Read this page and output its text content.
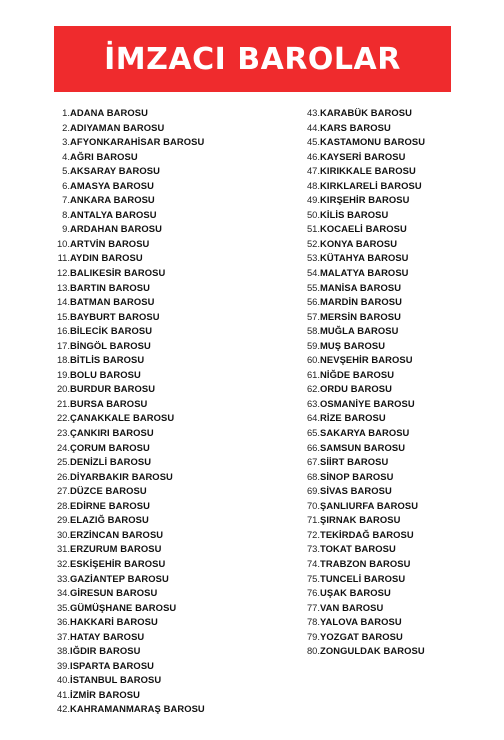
İMZACI BAROLAR
1. ADANA BAROSU
2. ADIYAMAN BAROSU
3. AFYONKARAHİSAR BAROSU
4. AĞRI BAROSU
5. AKSARAY BAROSU
6. AMASYA BAROSU
7. ANKARA BAROSU
8. ANTALYA BAROSU
9. ARDAHAN BAROSU
10. ARTVİN BAROSU
11. AYDIN BAROSU
12. BALIKESİR BAROSU
13. BARTIN BAROSU
14. BATMAN BAROSU
15. BAYBURT BAROSU
16. BİLECİK BAROSU
17. BİNGÖL BAROSU
18. BİTLİS BAROSU
19. BOLU BAROSU
20. BURDUR BAROSU
21. BURSA BAROSU
22. ÇANAKKALE BAROSU
23. ÇANKIRI BAROSU
24. ÇORUM BAROSU
25. DENİZLİ BAROSU
26. DİYARBAKIR BAROSU
27. DÜZCE BAROSU
28. EDİRNE BAROSU
29. ELAZIĞ BAROSU
30. ERZİNCAN BAROSU
31. ERZURUM BAROSU
32. ESKİŞEHİR BAROSU
33. GAZİANTEP BAROSU
34. GİRESUN BAROSU
35. GÜMÜŞHANE BAROSU
36. HAKKARİ BAROSU
37. HATAY BAROSU
38. IĞDIR BAROSU
39. ISPARTA BAROSU
40. İSTANBUL BAROSU
41. İZMİR BAROSU
42. KAHRAMANMARAŞ BAROSU
43. KARABÜK BAROSU
44. KARS BAROSU
45. KASTAMONU BAROSU
46. KAYSERİ BAROSU
47. KIRIKKALE BAROSU
48. KIRKLARELİ BAROSU
49. KIRŞEHİR BAROSU
50. KİLİS BAROSU
51. KOCAELİ BAROSU
52. KONYA BAROSU
53. KÜTAHYA BAROSU
54. MALATYA BAROSU
55. MANİSA BAROSU
56. MARDİN BAROSU
57. MERSİN BAROSU
58. MUĞLA BAROSU
59. MUŞ BAROSU
60. NEVŞEHİR BAROSU
61. NİĞDE BAROSU
62. ORDU BAROSU
63. OSMANİYE BAROSU
64. RİZE BAROSU
65. SAKARYA BAROSU
66. SAMSUN BAROSU
67. SİİRT BAROSU
68. SİNOP BAROSU
69. SİVAS BAROSU
70. ŞANLIURFA BAROSU
71. ŞIRNAK BAROSU
72. TEKİRDAĞ BAROSU
73. TOKAT BAROSU
74. TRABZON BAROSU
75. TUNCELİ BAROSU
76. UŞAK BAROSU
77. VAN BAROSU
78. YALOVA BAROSU
79. YOZGAT BAROSU
80. ZONGULDAK BAROSU
